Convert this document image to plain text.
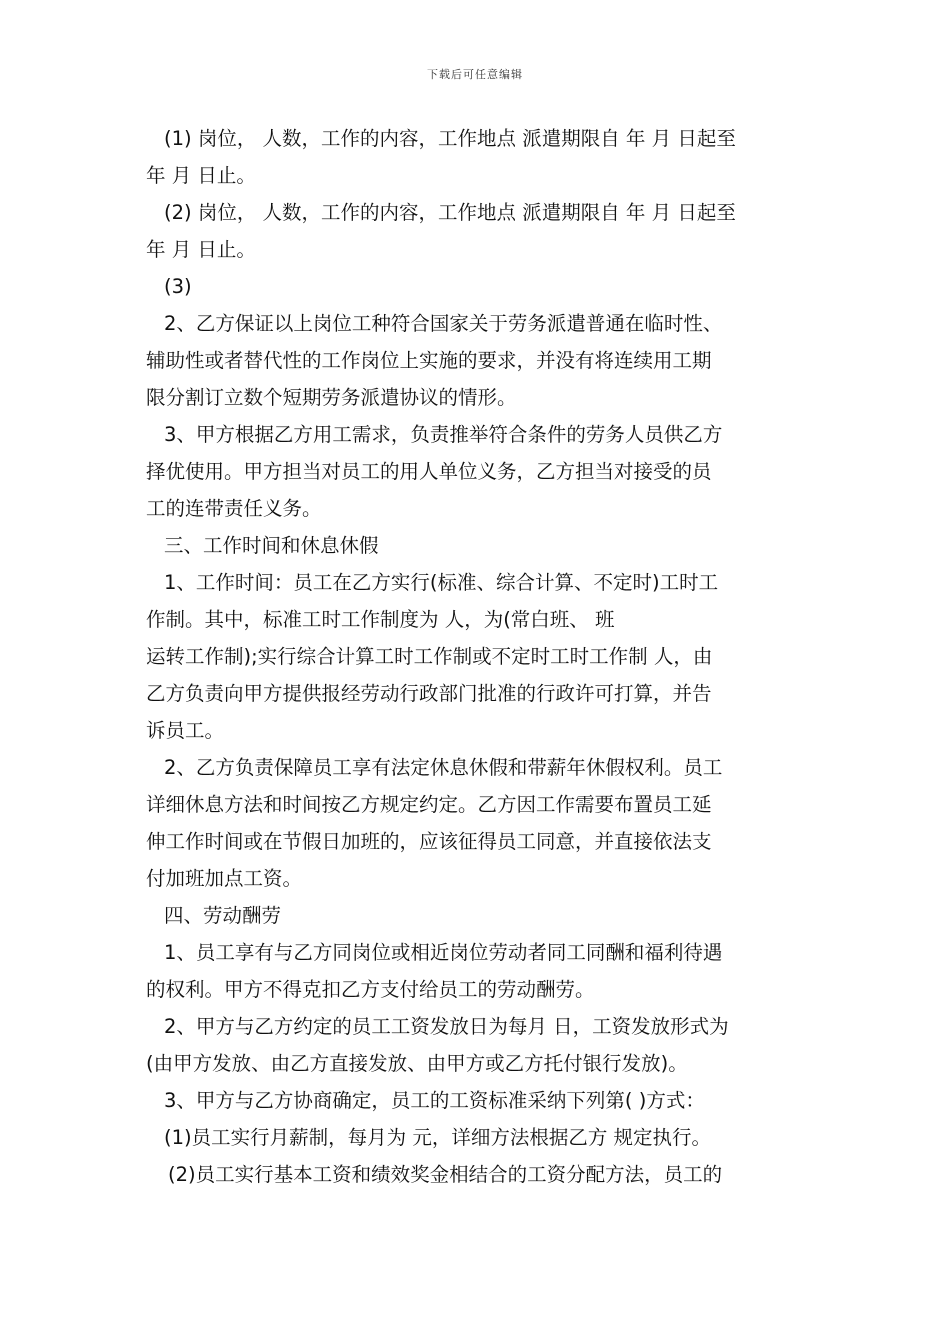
下载后可任意编辑
(1) 岗位， 人数，工作的内容，工作地点 派遣期限自 年 月 日起至
年 月 日止。
(2) 岗位， 人数，工作的内容，工作地点 派遣期限自 年 月 日起至
年 月 日止。
(3)
2、乙方保证以上岗位工种符合国家关于劳务派遣普通在临时性、
辅助性或者替代性的工作岗位上实施的要求，并没有将连续用工期
限分割订立数个短期劳务派遣协议的情形。
3、甲方根据乙方用工需求，负责推举符合条件的劳务人员供乙方
择优使用。甲方担当对员工的用人单位义务，乙方担当对接受的员
工的连带责任义务。
三、工作时间和休息休假
1、工作时间：员工在乙方实行(标准、综合计算、不定时)工时工
作制。其中，标准工时工作制度为 人，为(常白班、 班
运转工作制);实行综合计算工时工作制或不定时工时工作制 人，由
乙方负责向甲方提供报经劳动行政部门批准的行政许可打算，并告
诉员工。
2、乙方负责保障员工享有法定休息休假和带薪年休假权利。员工
详细休息方法和时间按乙方规定约定。乙方因工作需要布置员工延
伸工作时间或在节假日加班的，应该征得员工同意，并直接依法支
付加班加点工资。
四、劳动酬劳
1、员工享有与乙方同岗位或相近岗位劳动者同工同酬和福利待遇
的权利。甲方不得克扣乙方支付给员工的劳动酬劳。
2、甲方与乙方约定的员工工资发放日为每月 日，工资发放形式为
(由甲方发放、由乙方直接发放、由甲方或乙方托付银行发放)。
3、甲方与乙方协商确定，员工的工资标准采纳下列第( )方式：
(1)员工实行月薪制，每月为 元，详细方法根据乙方 规定执行。
(2)员工实行基本工资和绩效奖金相结合的工资分配方法，员工的
